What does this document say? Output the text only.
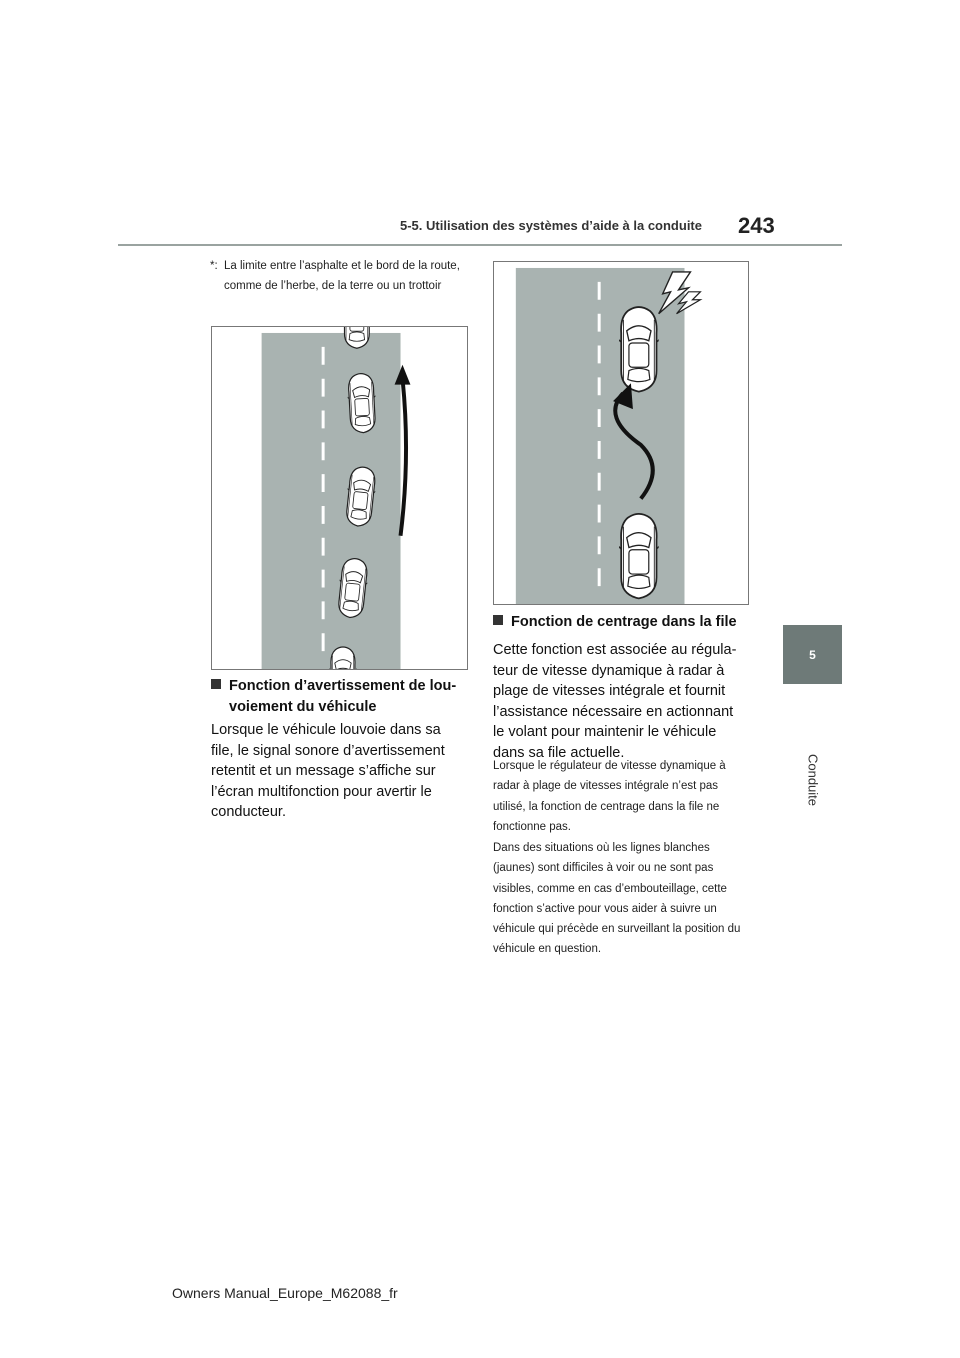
5-5. Utilisation des systèmes d’aide à la conduite 243
5
Conduite
*: La limite entre l’asphalte et le bord de la route, comme de l’herbe, de la terre ou un trottoir
Fonction d’avertissement de lou-
voiement du véhicule
Lorsque le véhicule louvoie dans sa file, le signal sonore d’avertissement retentit et un message s’affiche sur l’écran multifonction pour avertir le conducteur.
Fonction de centrage dans la file
Cette fonction est associée au régula-teur de vitesse dynamique à radar à plage de vitesses intégrale et fournit l’assistance nécessaire en actionnant le volant pour maintenir le véhicule dans sa file actuelle.
Lorsque le régulateur de vitesse dynamique à radar à plage de vitesses intégrale n’est pas utilisé, la fonction de centrage dans la file ne fonctionne pas.
Dans des situations où les lignes blanches (jaunes) sont difficiles à voir ou ne sont pas visibles, comme en cas d’embouteillage, cette fonction s’active pour vous aider à suivre un véhicule qui précède en surveillant la position du véhicule en question.
Owners Manual_Europe_M62088_fr
